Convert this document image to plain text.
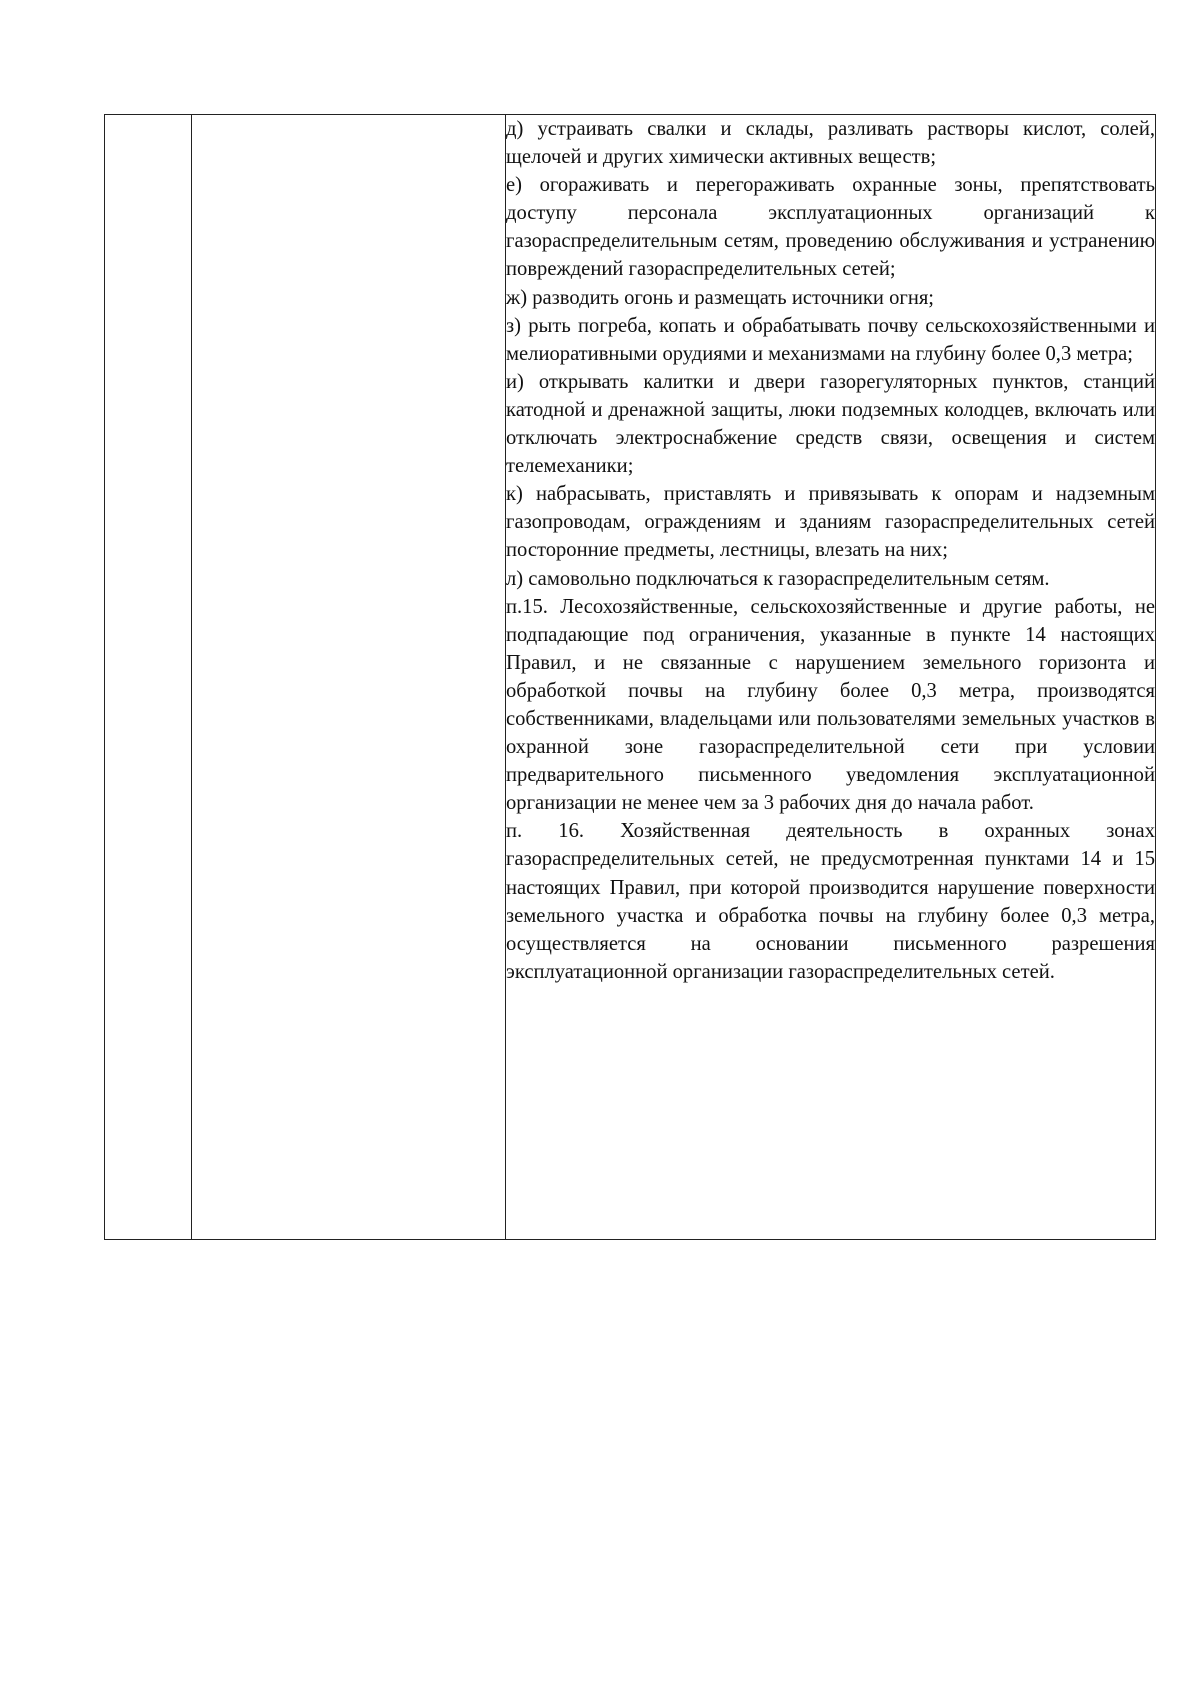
д) устраивать свалки и склады, разливать растворы кислот, солей, щелочей и других химически активных веществ;

е) огораживать и перегораживать охранные зоны, препятствовать доступу персонала эксплуатационных организаций к газораспределительным сетям, проведению обслуживания и устранению повреждений газораспределительных сетей;

ж) разводить огонь и размещать источники огня;

з) рыть погреба, копать и обрабатывать почву сельскохозяйственными и мелиоративными орудиями и механизмами на глубину более 0,3 метра;

и) открывать калитки и двери газорегуляторных пунктов, станций катодной и дренажной защиты, люки подземных колодцев, включать или отключать электроснабжение средств связи, освещения и систем телемеханики;

к) набрасывать, приставлять и привязывать к опорам и надземным газопроводам, ограждениям и зданиям газораспределительных сетей посторонние предметы, лестницы, влезать на них;

л) самовольно подключаться к газораспределительным сетям.

п.15. Лесохозяйственные, сельскохозяйственные и другие работы, не подпадающие под ограничения, указанные в пункте 14 настоящих Правил, и не связанные с нарушением земельного горизонта и обработкой почвы на глубину более 0,3 метра, производятся собственниками, владельцами или пользователями земельных участков в охранной зоне газораспределительной сети при условии предварительного письменного уведомления эксплуатационной организации не менее чем за 3 рабочих дня до начала работ.

п. 16. Хозяйственная деятельность в охранных зонах газораспределительных сетей, не предусмотренная пунктами 14 и 15 настоящих Правил, при которой производится нарушение поверхности земельного участка и обработка почвы на глубину более 0,3 метра, осуществляется на основании письменного разрешения эксплуатационной организации газораспределительных сетей.
